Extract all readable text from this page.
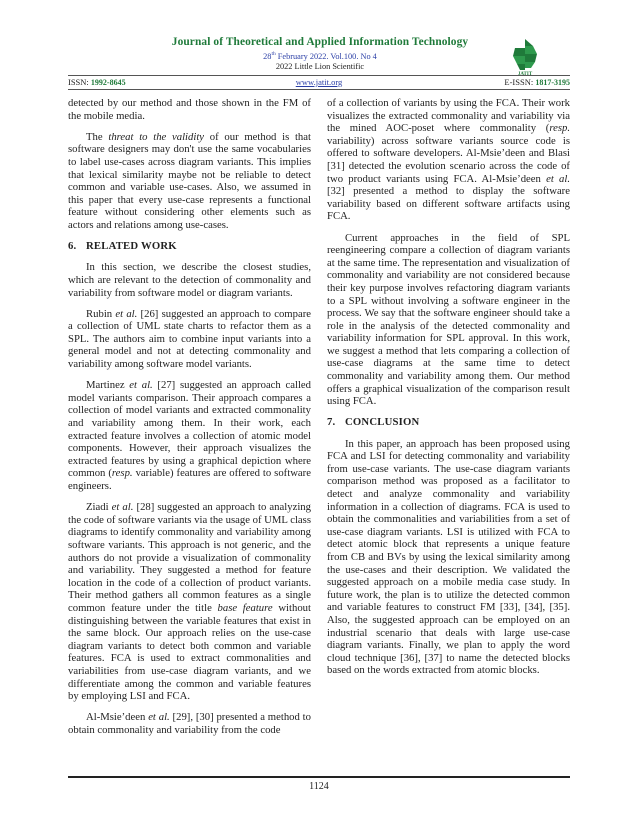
Journal of Theoretical and Applied Information Technology
28th February 2022. Vol.100. No 4
2022 Little Lion Scientific
JATIT
ISSN: 1992-8645	www.jatit.org	E-ISSN: 1817-3195

detected by our method and those shown in the FM of the mobile media.

The threat to the validity of our method is that software designers may don't use the same vocabularies to label use-cases across diagram variants. This implies that lexical similarity maybe not be reliable to detect common and variable use-cases. Also, we assumed in this paper that every use-case represents a functional feature without considering other elements such as actors and relations among use-cases.

6. RELATED WORK

In this section, we describe the closest studies, which are relevant to the detection of commonality and variability from software model or diagram variants.

Rubin et al. [26] suggested an approach to compare a collection of UML state charts to refactor them as a SPL. The authors aim to combine input variants into a general model and not at detecting commonality and variability among software model variants.

Martinez et al. [27] suggested an approach called model variants comparison. Their approach compares a collection of model variants and extracted commonality and variability among them. In their work, each extracted feature involves a collection of atomic model components. However, their approach visualizes the extracted features by using a graphical depiction where common (resp. variable) features are offered to software engineers.

Ziadi et al. [28] suggested an approach to analyzing the code of software variants via the usage of UML class diagrams to identify commonality and variability among software variants. This approach is not generic, and the authors do not provide a visualization of commonality and variability. They suggested a method for feature location in the code of a collection of product variants. Their method gathers all common features as a single common feature under the title base feature without distinguishing between the variable features that exist in the same block. Our approach relies on the use-case diagram variants to detect both common and variable features. FCA is used to extract commonalities and variabilities from use-case diagram variants, and we differentiate among the common and variable features by employing LSI and FCA.

Al-Msie’deen et al. [29], [30] presented a method to obtain commonality and variability from the code

of a collection of variants by using the FCA. Their work visualizes the extracted commonality and variability via the mined AOC-poset where commonality (resp. variability) across software variants source code is offered to software developers. Al-Msie’deen and Blasi [31] detected the evolution scenario across the code of two product variants using FCA. Al-Msie’deen et al. [32] presented a method to display the software variability based on different software artifacts using FCA.

Current approaches in the field of SPL reengineering compare a collection of diagram variants at the same time. The representation and visualization of commonality and variability are not considered because their key purpose involves refactoring diagram variants to a SPL without involving a software engineer in the process. We say that the software engineer should take a role in the analysis of the detected commonality and variability information for SPL approval. In this work, we suggest a method that lets comparing a collection of use-case diagrams at the same time to detect commonality and variability among them. Our method offers a graphical visualization of the comparison result using FCA.

7. CONCLUSION

In this paper, an approach has been proposed using FCA and LSI for detecting commonality and variability from use-case variants. The use-case diagram variants comparison method was proposed as a facilitator to detect and analyze commonality and variability information in a collection of diagrams. FCA is used to obtain the commonalities and variabilities from a set of use-case diagram variants. LSI is utilized with FCA to detect atomic block that represents a unique feature from CB and BVs by using the lexical similarity among the use-cases and their description. We validated the suggested approach on a mobile media case study. In future work, the plan is to utilize the detected common and variable features to construct FM [33], [34], [35]. Also, the suggested approach can be employed on an industrial scenario that deals with large use-case diagram variants. Finally, we plan to apply the word cloud technique [36], [37] to name the detected blocks based on the words extracted from atomic blocks.

1124
